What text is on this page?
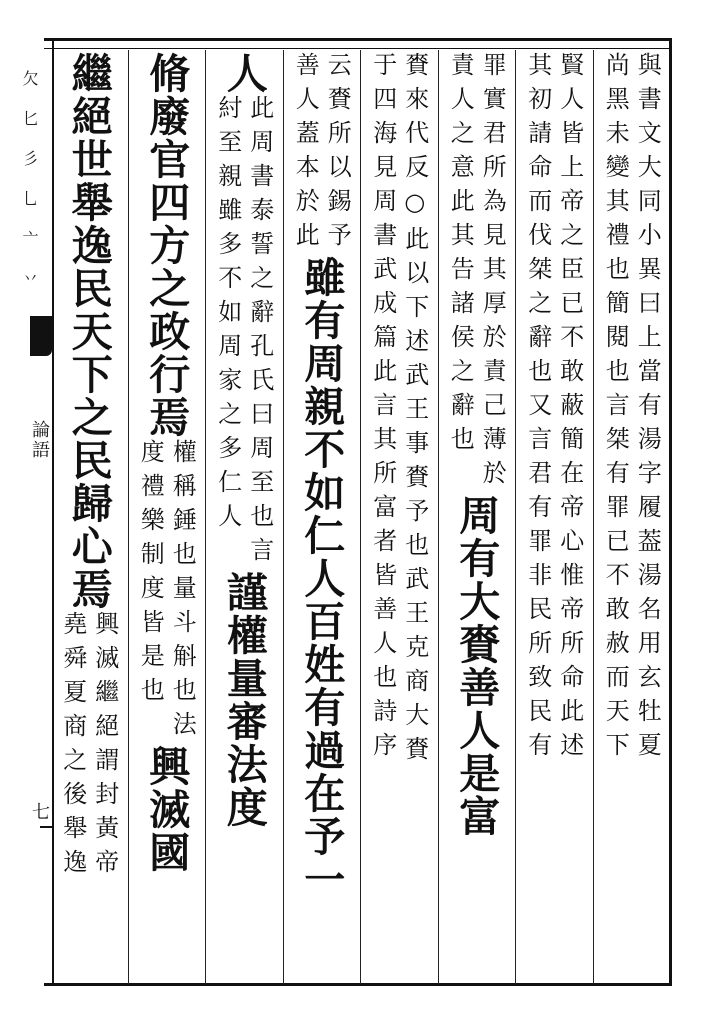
欠匕彡乚亠丷
論語
七
與書文大同小異曰上當有湯字履葢湯名用玄牡夏
尚黑未變其禮也簡閱也言桀有罪已不敢赦而天下
賢人皆上帝之臣已不敢蔽簡在帝心惟帝所命此述
其初請命而伐桀之辭也又言君有罪非民所致民有
罪實君所為見其厚於責己薄於
責人之意此其告諸侯之辭也
周有大賚善人是富
賚來代反○此以下述武王事賚予也武王克商大賚
于四海見周書武成篇此言其所富者皆善人也詩序
云賚所以錫予
善人蓋本於此
雖有周親不如仁人百姓有過在予一
人
此周書泰誓之辭孔氏曰周至也言
紂至親雖多不如周家之多仁人
謹權量審法度
脩廢官四方之政行焉
權稱錘也量斗斛也法
度禮樂制度皆是也
興滅國
繼絕世舉逸民天下之民歸心焉
興滅繼絕謂封黃帝
堯舜夏商之後舉逸
